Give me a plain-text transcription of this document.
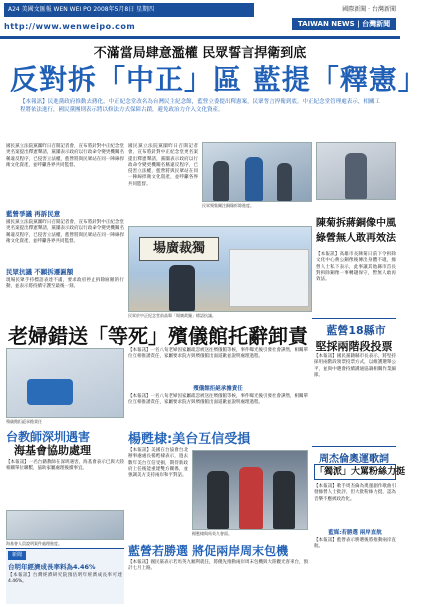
A24 美國文匯報 WEN WEI PO 2008年5月8日 星期四	國際新聞 · 台灣新聞
http://www.wenweipo.com	TAIWAN NEWS | 台灣新聞
不滿當局肆意濫權 民眾誓言捍衛到底
反對拆「中正」區 藍提「釋憲」
【本報訊】民進黨政府推動去蔣化，中正紀念堂改名為台灣民主紀念館，藍營立委提出釋憲案，民眾誓言捍衛到底。中正紀念堂管理處表示，相關工程將依法進行，國民黨團則表示將以修法方式保障古蹟，避免政治力介入文化資產。
國民黨立法院黨團昨日召開記者會，宣布將針對中正紀念堂更名案提出釋憲聲請，黨團表示政府以行政命令變更機關名稱違反程序，已侵害立法權，藍營將與民眾站在同一陣線捍衛文化資產，並呼籲各界共同監督。
藍營爭議 再訴民意
國民黨立法院黨團昨日召開記者會，宣布將針對中正紀念堂更名案提出釋憲聲請，黨團表示政府以行政命令變更機關名稱違反程序，已侵害立法權，藍營將與民眾站在同一陣線捍衛文化資產，並呼籲各界共同監督。
民眾抗議 不願拆遷匾額
現場民眾手持標語表達不滿，要求政府停止拆除匾額的行動，並表示將持續守護至最後一刻。
國民黨立法院黨團昨日召開記者會，宣布將針對中正紀念堂更名案提出釋憲聲請，黨團表示政府以行政命令變更機關名稱違反程序，已侵害立法權，藍營將與民眾站在同一陣線捍衛文化資產，並呼籲各界共同監督。
民眾聚集關注銅像拆除進度。
陳菊拆蔣銅像中風
綠營無人敢再效法
【本報訊】高雄市長陳菊日前下令拆除文化中心蔣公銅像後傳出身體不適，綠營人士私下表示，此事讓其他縣市首長對拆除銅像一事轉趨保守，暫無人敢再效法。
場廣裁獨
民眾於中正紀念堂前高舉「場廣裁獨」標語抗議。
老婦錯送「等死」殯儀館托辭卸責
殯儀館拒絕承擔責任
【本報訊】一名八旬老婦因家屬疏忽被送往殯儀館等候，事件曝光後引發社會譁然，相關單位互相推諉責任，家屬要求院方與殯儀館出面道歉並說明處理過程。
殯儀館拒絕承擔責任
【本報訊】一名八旬老婦因家屬疏忽被送往殯儀館等候，事件曝光後引發社會譁然，相關單位互相推諉責任，家屬要求院方與殯儀館出面道歉並說明處理過程。
台教師深圳遇害
海基會協助處理
【本報訊】一名台籍教師在深圳遇害，海基會表示已與大陸相關單位聯繫，協助家屬處理後續事宜。
海基會人員說明案件處理進度。
楊甦棣:美台互信受損
【本報訊】美國在台協會台北辦事處處長楊甦棣表示，過去數年美台互信受損，期待新政府上任後能重建雙方關係，並強調美方支持兩岸和平對話。
楊甦棣與馬英九會面。
藍營若勝選 將促兩岸周末包機
【本報訊】國民黨表示若馬英九順利就任，將優先推動兩岸周末包機與大陸觀光客來台，預計七月上路。
新聞
台明年經濟成長率料為4.46%
【本報訊】台灣經濟研究院預估明年經濟成長率可達4.46%。
藍營18縣市
堅採兩階段投票
【本報訊】國民黨籍縣市長表示，將堅持採用兩階段領票投票方式，以維護選舉公平，並與中選會持續溝通協調相關作業細節。
周杰倫奧運歌詞
「獨派」大罵粉絲力挺
【本報訊】歌手周杰倫為奧運創作歌曲引發綠營人士批評，但大批粉絲力挺，認為音樂不應被政治化。
藍媒:若勝選 兩岸直航
【本報訊】藍營表示勝選後將推動兩岸直航。
